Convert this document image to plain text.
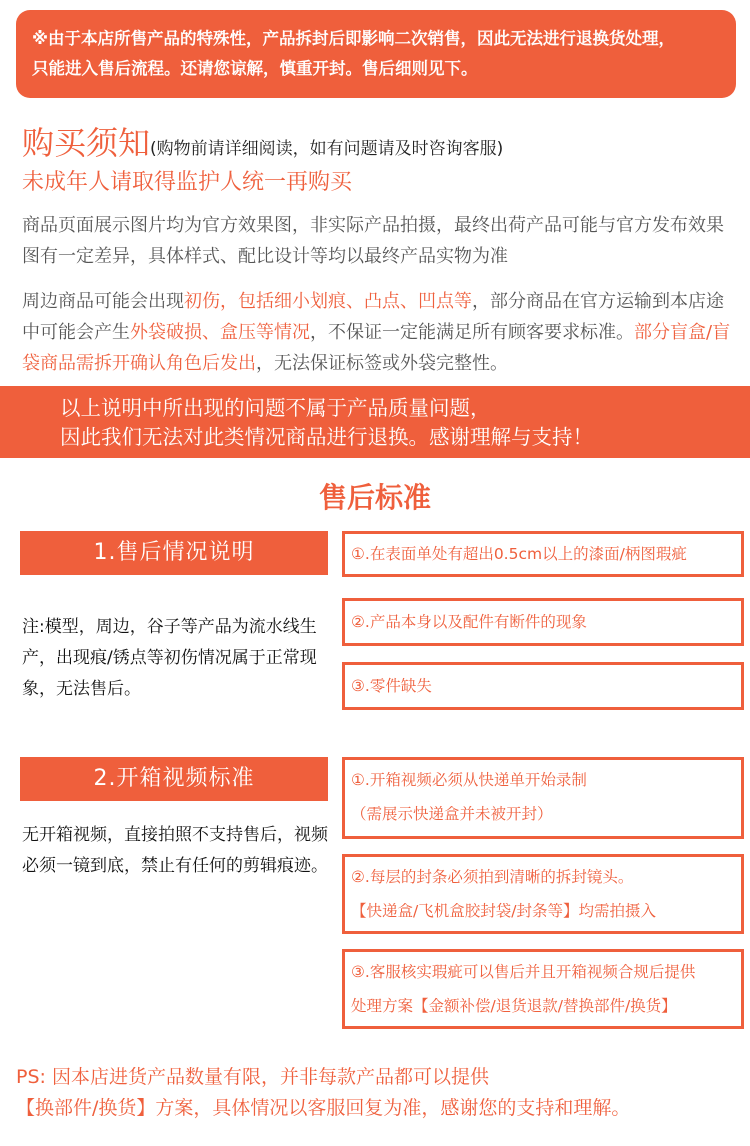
※由于本店所售产品的特殊性，产品拆封后即影响二次销售，因此无法进行退换货处理，
只能进入售后流程。还请您谅解，慎重开封。售后细则见下。
购买须知(购物前请详细阅读，如有问题请及时咨询客服)
未成年人请取得监护人统一再购买
商品页面展示图片均为官方效果图，非实际产品拍摄，最终出荷产品可能与官方发布效果图有一定差异，具体样式、配比设计等均以最终产品实物为准
周边商品可能会出现初伤，包括细小划痕、凸点、凹点等，部分商品在官方运输到本店途中可能会产生外袋破损、盒压等情况，不保证一定能满足所有顾客要求标准。部分盲盒/盲袋商品需拆开确认角色后发出，无法保证标签或外袋完整性。
以上说明中所出现的问题不属于产品质量问题，
因此我们无法对此类情况商品进行退换。感谢理解与支持！
售后标准
1.售后情况说明
注:模型，周边，谷子等产品为流水线生产，出现痕/锈点等初伤情况属于正常现象，无法售后。
①.在表面单处有超出0.5cm以上的漆面/柄图瑕疵
②.产品本身以及配件有断件的现象
③.零件缺失
2.开箱视频标准
无开箱视频，直接拍照不支持售后，视频必须一镜到底，禁止有任何的剪辑痕迹。
①.开箱视频必须从快递单开始录制
（需展示快递盒并未被开封）
②.每层的封条必须拍到清晰的拆封镜头。
【快递盒/飞机盒胶封袋/封条等】均需拍摄入
③.客服核实瑕疵可以售后并且开箱视频合规后提供
处理方案【金额补偿/退货退款/替换部件/换货】
PS: 因本店进货产品数量有限，并非每款产品都可以提供
【换部件/换货】方案，具体情况以客服回复为准，感谢您的支持和理解。
